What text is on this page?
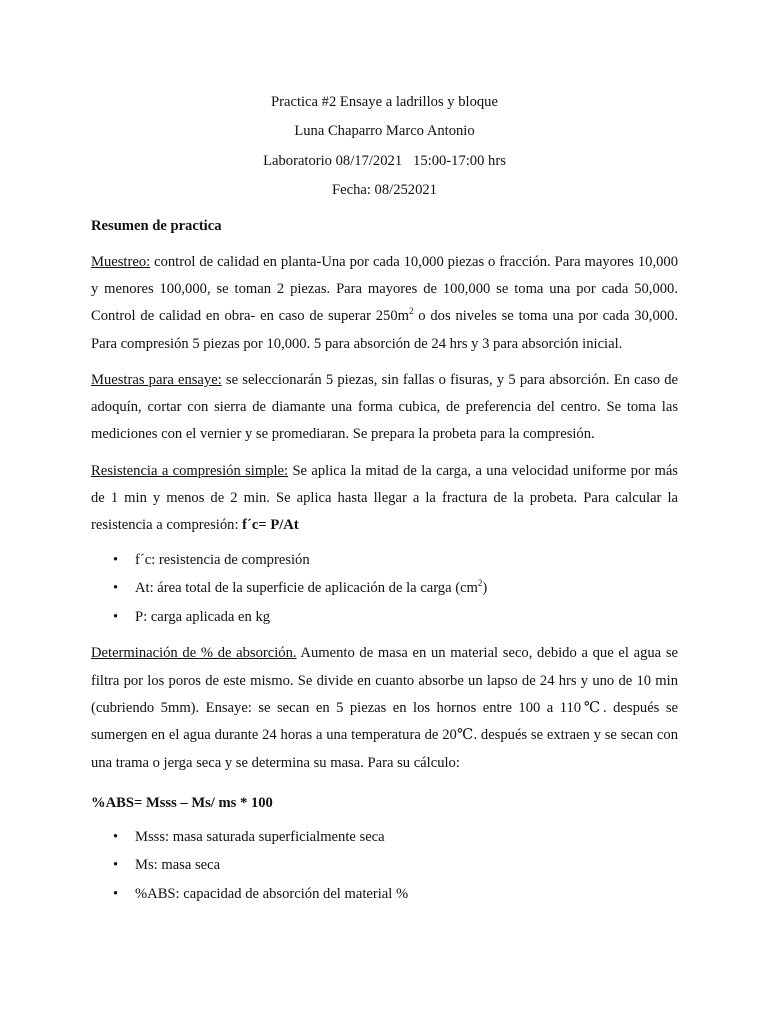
Practica #2 Ensaye a ladrillos y bloque

Luna Chaparro Marco Antonio

Laboratorio 08/17/2021   15:00-17:00 hrs

Fecha: 08/252021

Resumen de practica

Muestreo: control de calidad en planta-Una por cada 10,000 piezas o fracción. Para mayores 10,000 y menores 100,000, se toman 2 piezas. Para mayores de 100,000 se toma una por cada 50,000. Control de calidad en obra- en caso de superar $250m^2$ o dos niveles se toma una por cada 30,000. Para compresión 5 piezas por 10,000. 5 para absorción de 24 hrs y 3 para absorción inicial.

Muestras para ensaye: se seleccionarán 5 piezas, sin fallas o fisuras, y 5 para absorción. En caso de adoquín, cortar con sierra de diamante una forma cubica, de preferencia del centro. Se toma las mediciones con el vernier y se promediaran. Se prepara la probeta para la compresión.

Resistencia a compresión simple: Se aplica la mitad de la carga, a una velocidad uniforme por más de 1 min y menos de 2 min. Se aplica hasta llegar a la fractura de la probeta. Para calcular la resistencia a compresión: f´c= P/At

• f´c: resistencia de compresión
• At: área total de la superficie de aplicación de la carga $(cm^2)$
• P: carga aplicada en kg

Determinación de % de absorción. Aumento de masa en un material seco, debido a que el agua se filtra por los poros de este mismo. Se divide en cuanto absorbe un lapso de 24 hrs y uno de 10 min (cubriendo 5mm). Ensaye: se secan en 5 piezas en los hornos entre 100 a 110℃. después se sumergen en el agua durante 24 horas a una temperatura de 20℃. después se extraen y se secan con una trama o jerga seca y se determina su masa. Para su cálculo:

%ABS= Msss – Ms/ ms * 100

• Msss: masa saturada superficialmente seca
• Ms: masa seca
• %ABS: capacidad de absorción del material %
